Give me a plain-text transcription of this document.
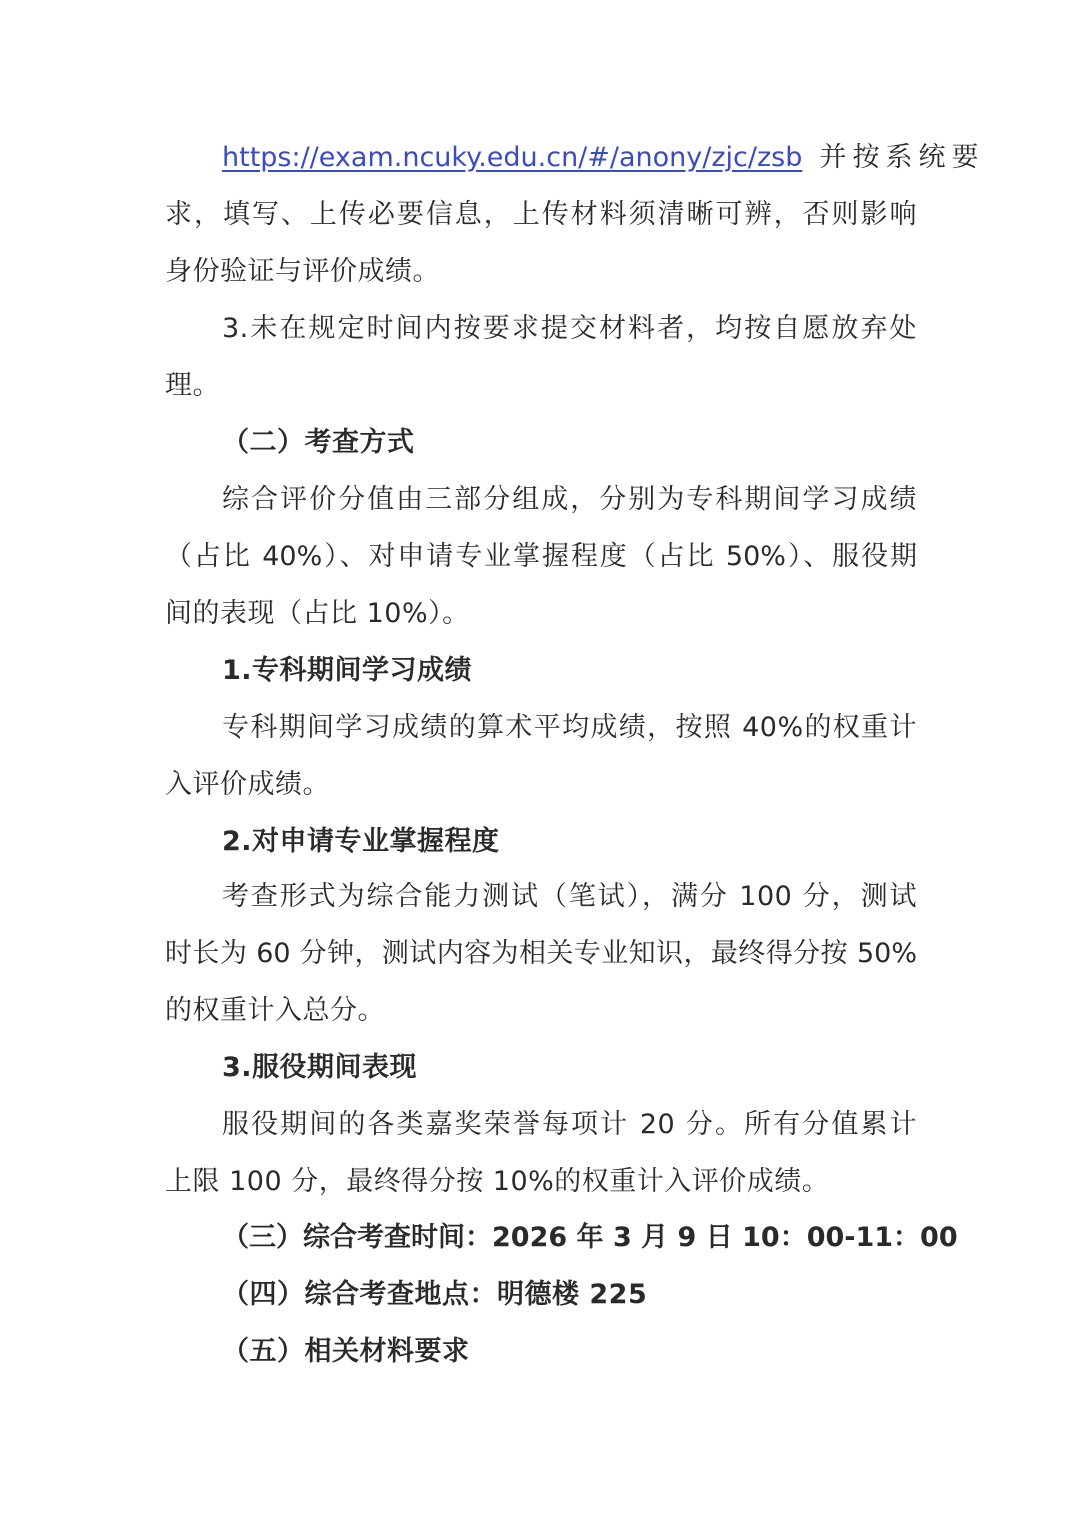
https://exam.ncuky.edu.cn/#/anony/zjc/zsb 并按系统要
求，填写、上传必要信息，上传材料须清晰可辨，否则影响
身份验证与评价成绩。
3.未在规定时间内按要求提交材料者，均按自愿放弃处
理。
（二）考查方式
综合评价分值由三部分组成，分别为专科期间学习成绩
（占比 40%）、对申请专业掌握程度（占比 50%）、服役期
间的表现（占比 10%）。
1.专科期间学习成绩
专科期间学习成绩的算术平均成绩，按照 40%的权重计
入评价成绩。
2.对申请专业掌握程度
考查形式为综合能力测试（笔试），满分 100 分，测试
时长为 60 分钟，测试内容为相关专业知识，最终得分按 50%
的权重计入总分。
3.服役期间表现
服役期间的各类嘉奖荣誉每项计 20 分。所有分值累计
上限 100 分，最终得分按 10%的权重计入评价成绩。
（三）综合考查时间：2026 年 3 月 9 日 10：00-11：00
（四）综合考查地点：明德楼 225
（五）相关材料要求
